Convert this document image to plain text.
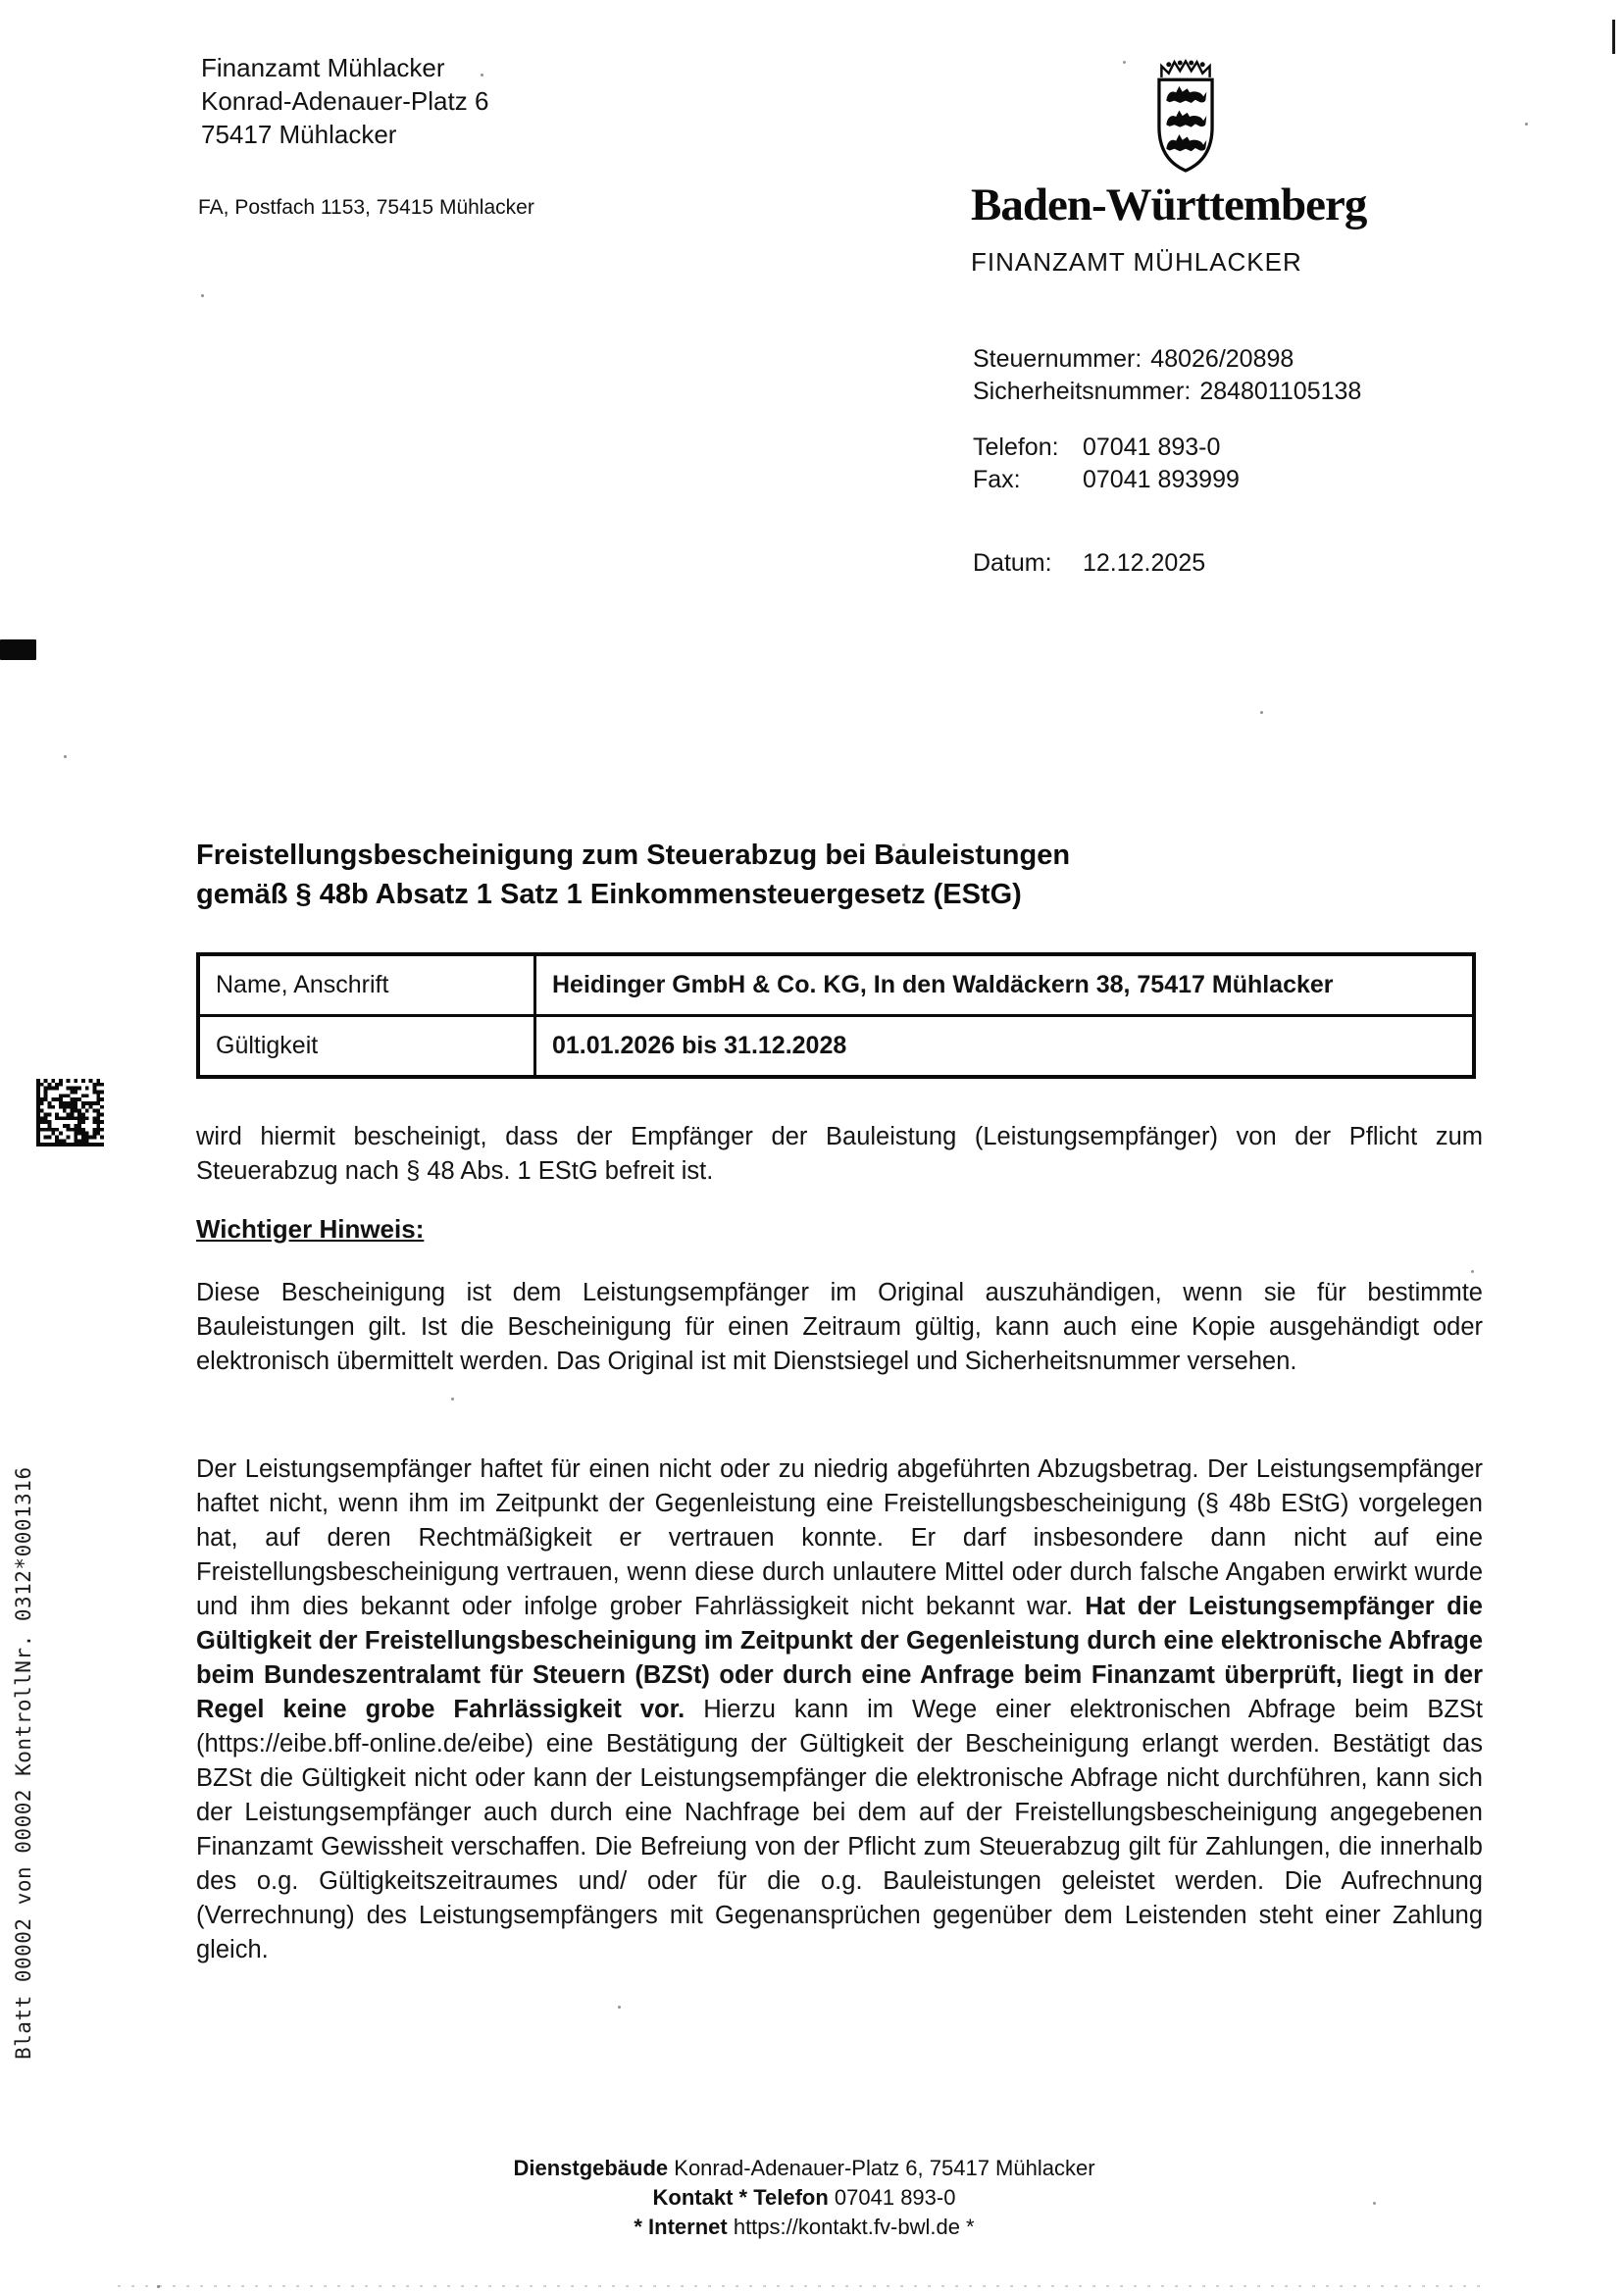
Finanzamt Mühlacker
Konrad-Adenauer-Platz 6
75417 Mühlacker
FA, Postfach 1153, 75415 Mühlacker	Baden-Württemberg
FINANZAMT MÜHLACKER
Steuernummer: 48026/20898
Sicherheitsnummer: 284801105138
Telefon: 07041 893-0
Fax:	07041 893999
Datum:	12.12.2025
Freistellungsbescheinigung zum Steuerabzug bei Bauleistungen
gemäß § 48b Absatz 1 Satz 1 Einkommensteuergesetz (EStG)
Name, Anschrift	Heidinger GmbH & Co. KG, In den Waldäckern 38, 75417 Mühlacker
Gültigkeit	01.01.2026 bis 31.12.2028
wird hiermit bescheinigt, dass der Empfänger der Bauleistung (Leistungsempfänger) von der Pflicht zum Steuerabzug nach § 48 Abs. 1 EStG befreit ist.
Wichtiger Hinweis:
Diese Bescheinigung ist dem Leistungsempfänger im Original auszuhändigen, wenn sie für bestimmte Bauleistungen gilt. Ist die Bescheinigung für einen Zeitraum gültig, kann auch eine Kopie ausgehändigt oder elektronisch übermittelt werden. Das Original ist mit Dienstsiegel und Sicherheitsnummer versehen.
Der Leistungsempfänger haftet für einen nicht oder zu niedrig abgeführten Abzugsbetrag. Der Leistungsempfänger haftet nicht, wenn ihm im Zeitpunkt der Gegenleistung eine Freistellungsbescheinigung (§ 48b EStG) vorgelegen hat, auf deren Rechtmäßigkeit er vertrauen konnte. Er darf insbesondere dann nicht auf eine Freistellungsbescheinigung vertrauen, wenn diese durch unlautere Mittel oder durch falsche Angaben erwirkt wurde und ihm dies bekannt oder infolge grober Fahrlässigkeit nicht bekannt war. Hat der Leistungsempfänger die Gültigkeit der Freistellungsbescheinigung im Zeitpunkt der Gegenleistung durch eine elektronische Abfrage beim Bundeszentralamt für Steuern (BZSt) oder durch eine Anfrage beim Finanzamt überprüft, liegt in der Regel keine grobe Fahrlässigkeit vor. Hierzu kann im Wege einer elektronischen Abfrage beim BZSt (https://eibe.bff-online.de/eibe) eine Bestätigung der Gültigkeit der Bescheinigung erlangt werden. Bestätigt das BZSt die Gültigkeit nicht oder kann der Leistungsempfänger die elektronische Abfrage nicht durchführen, kann sich der Leistungsempfänger auch durch eine Nachfrage bei dem auf der Freistellungsbescheinigung angegebenen Finanzamt Gewissheit verschaffen. Die Befreiung von der Pflicht zum Steuerabzug gilt für Zahlungen, die innerhalb des o.g. Gültigkeitszeitraumes und/ oder für die o.g. Bauleistungen geleistet werden. Die Aufrechnung (Verrechnung) des Leistungsempfängers mit Gegenansprüchen gegenüber dem Leistenden steht einer Zahlung gleich.
Dienstgebäude Konrad-Adenauer-Platz 6, 75417 Mühlacker
Kontakt * Telefon 07041 893-0
* Internet https://kontakt.fv-bwl.de *
Blatt 00002 von 00002 KontrollNr. 0312*0001316
